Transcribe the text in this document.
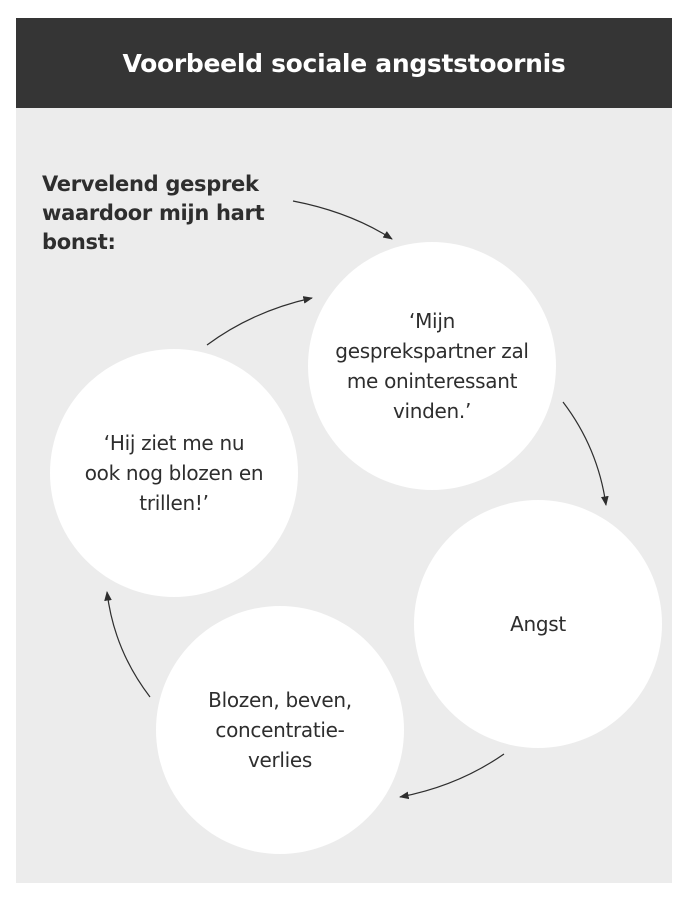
Voorbeeld sociale angststoornis
Vervelend gesprek waardoor mijn hart bonst:
‘Mijn gesprekspartner zal me oninteressant vinden.’
Angst
Blozen, beven, concentratie-verlies
‘Hij ziet me nu ook nog blozen en trillen!’
